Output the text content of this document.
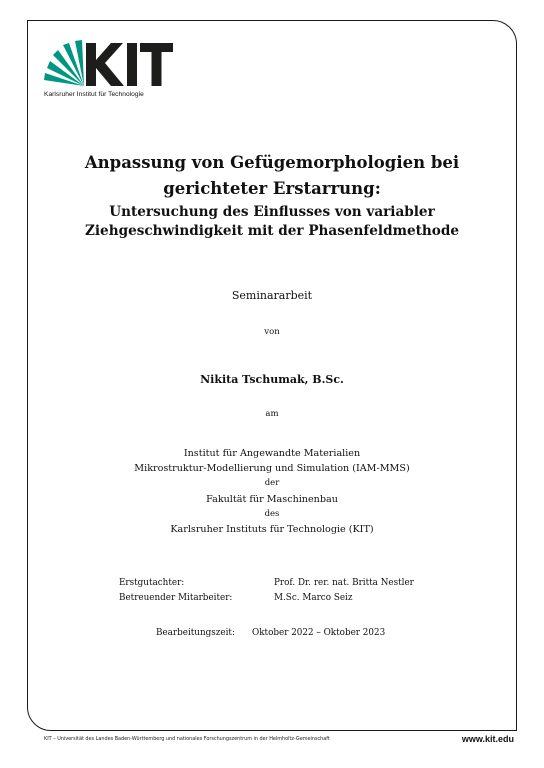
Karlsruher Institut für Technologie
Anpassung von Gefügemorphologien bei
gerichteter Erstarrung:
Untersuchung des Einflusses von variabler
Ziehgeschwindigkeit mit der Phasenfeldmethode
Seminararbeit
von
Nikita Tschumak, B.Sc.
am
Institut für Angewandte Materialien
Mikrostruktur-Modellierung und Simulation (IAM-MMS)
der
Fakultät für Maschinenbau
des
Karlsruher Instituts für Technologie (KIT)
Erstgutachter:
Betreuender Mitarbeiter:
Prof. Dr. rer. nat. Britta Nestler
M.Sc. Marco Seiz
Bearbeitungszeit: Oktober 2022 – Oktober 2023
KIT – Universität des Landes Baden-Württemberg und nationales Forschungszentrum in der Helmholtz-Gemeinschaft	www.kit.edu
